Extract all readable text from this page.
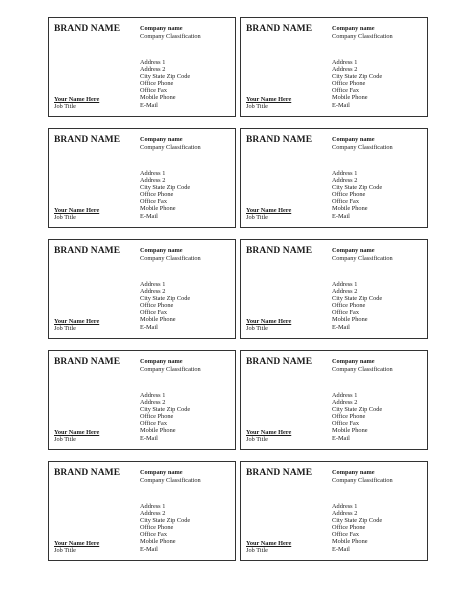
BRAND NAME	Company name
Company Classification
Address 1
Address 2
City State Zip Code
Office Phone
Office Fax
Mobile Phone
E-Mail
Your Name Here
Job Title
BRAND NAME	Company name
Company Classification
Address 1
Address 2
City State Zip Code
Office Phone
Office Fax
Mobile Phone
E-Mail
Your Name Here
Job Title
BRAND NAME	Company name
Company Classification
Address 1
Address 2
City State Zip Code
Office Phone
Office Fax
Mobile Phone
E-Mail
Your Name Here
Job Title
BRAND NAME	Company name
Company Classification
Address 1
Address 2
City State Zip Code
Office Phone
Office Fax
Mobile Phone
E-Mail
Your Name Here
Job Title
BRAND NAME	Company name
Company Classification
Address 1
Address 2
City State Zip Code
Office Phone
Office Fax
Mobile Phone
E-Mail
Your Name Here
Job Title
BRAND NAME	Company name
Company Classification
Address 1
Address 2
City State Zip Code
Office Phone
Office Fax
Mobile Phone
E-Mail
Your Name Here
Job Title
BRAND NAME	Company name
Company Classification
Address 1
Address 2
City State Zip Code
Office Phone
Office Fax
Mobile Phone
E-Mail
Your Name Here
Job Title
BRAND NAME	Company name
Company Classification
Address 1
Address 2
City State Zip Code
Office Phone
Office Fax
Mobile Phone
E-Mail
Your Name Here
Job Title
BRAND NAME	Company name
Company Classification
Address 1
Address 2
City State Zip Code
Office Phone
Office Fax
Mobile Phone
E-Mail
Your Name Here
Job Title
BRAND NAME	Company name
Company Classification
Address 1
Address 2
City State Zip Code
Office Phone
Office Fax
Mobile Phone
E-Mail
Your Name Here
Job Title
